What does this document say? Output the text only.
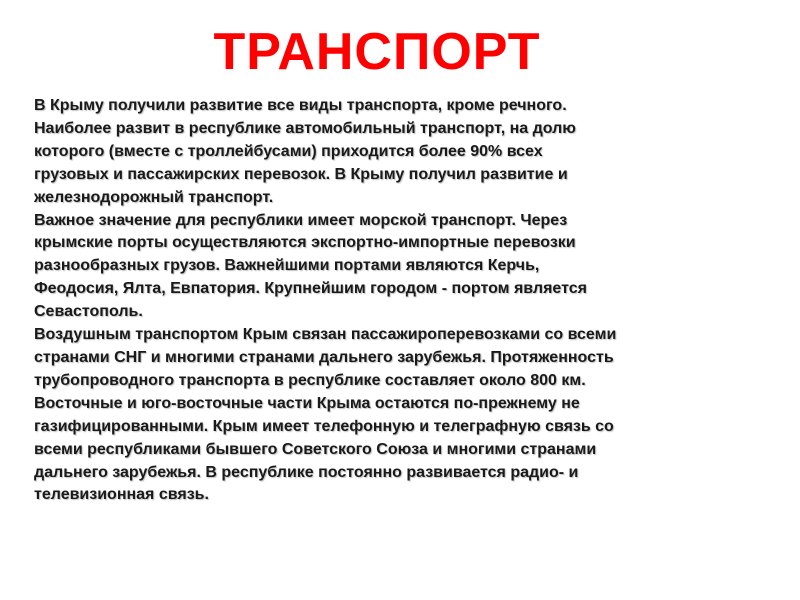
ТРАНСПОРТ
В Крыму получили развитие все виды транспорта, кроме речного.
Наиболее развит в республике автомобильный транспорт, на долю
которого (вместе с троллейбусами) приходится более 90% всех
грузовых и пассажирских перевозок. В Крыму получил развитие и
железнодорожный транспорт.
Важное значение для республики имеет морской транспорт. Через
крымские порты осуществляются экспортно-импортные перевозки
разнообразных грузов. Важнейшими портами являются Керчь,
Феодосия, Ялта, Евпатория. Крупнейшим городом - портом является
Севастополь.
Воздушным транспортом Крым связан пассажироперевозками со всеми
странами СНГ и многими странами дальнего зарубежья. Протяженность
трубопроводного транспорта в республике составляет около 800 км.
Восточные и юго-восточные части Крыма остаются по-прежнему не
газифицированными. Крым имеет телефонную и телеграфную связь со
всеми республиками бывшего Советского Союза и многими странами
дальнего зарубежья. В республике постоянно развивается радио- и
телевизионная связь.
